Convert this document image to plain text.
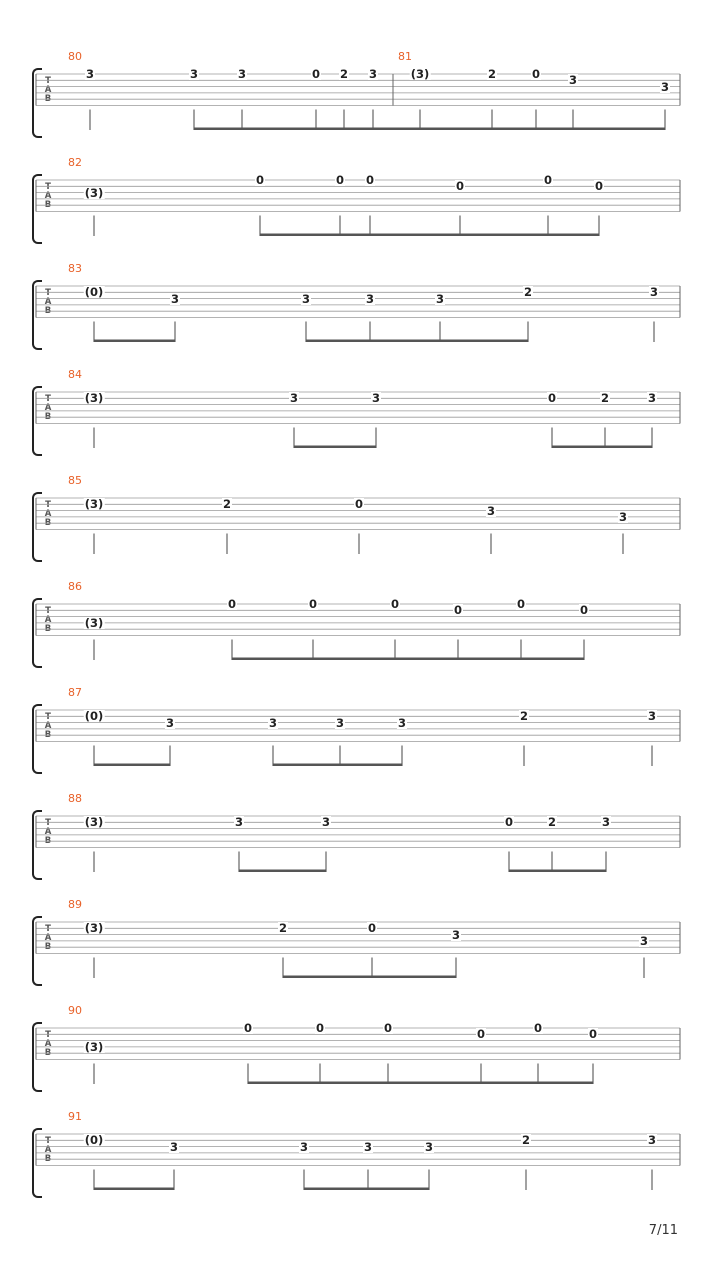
T
A
B
80	81
3	3	3	0 2 3	(3)	2	0	3	3
T
A
B
82
(3)
0	0 0	0	0	0
T
A
B
83
(0)	3	3	3	3	2	3
T
A
B
84
(3)	3	3	0	2	3
T
A
B
85
(3)	2	0	3	3
T
A
B
86
(3)
0	0	0	0	0	0
T
A
B
87
(0)	3	3	3	3	2	3
T
A
B
88
(3)	3	3	0	2	3
T
A
B
89
(3)	2	0	3	3
T
A
B
90
(3)
0	0	0	0	0	0
T
A
B
91
(0)	3	3	3	3	2	3
7/11
